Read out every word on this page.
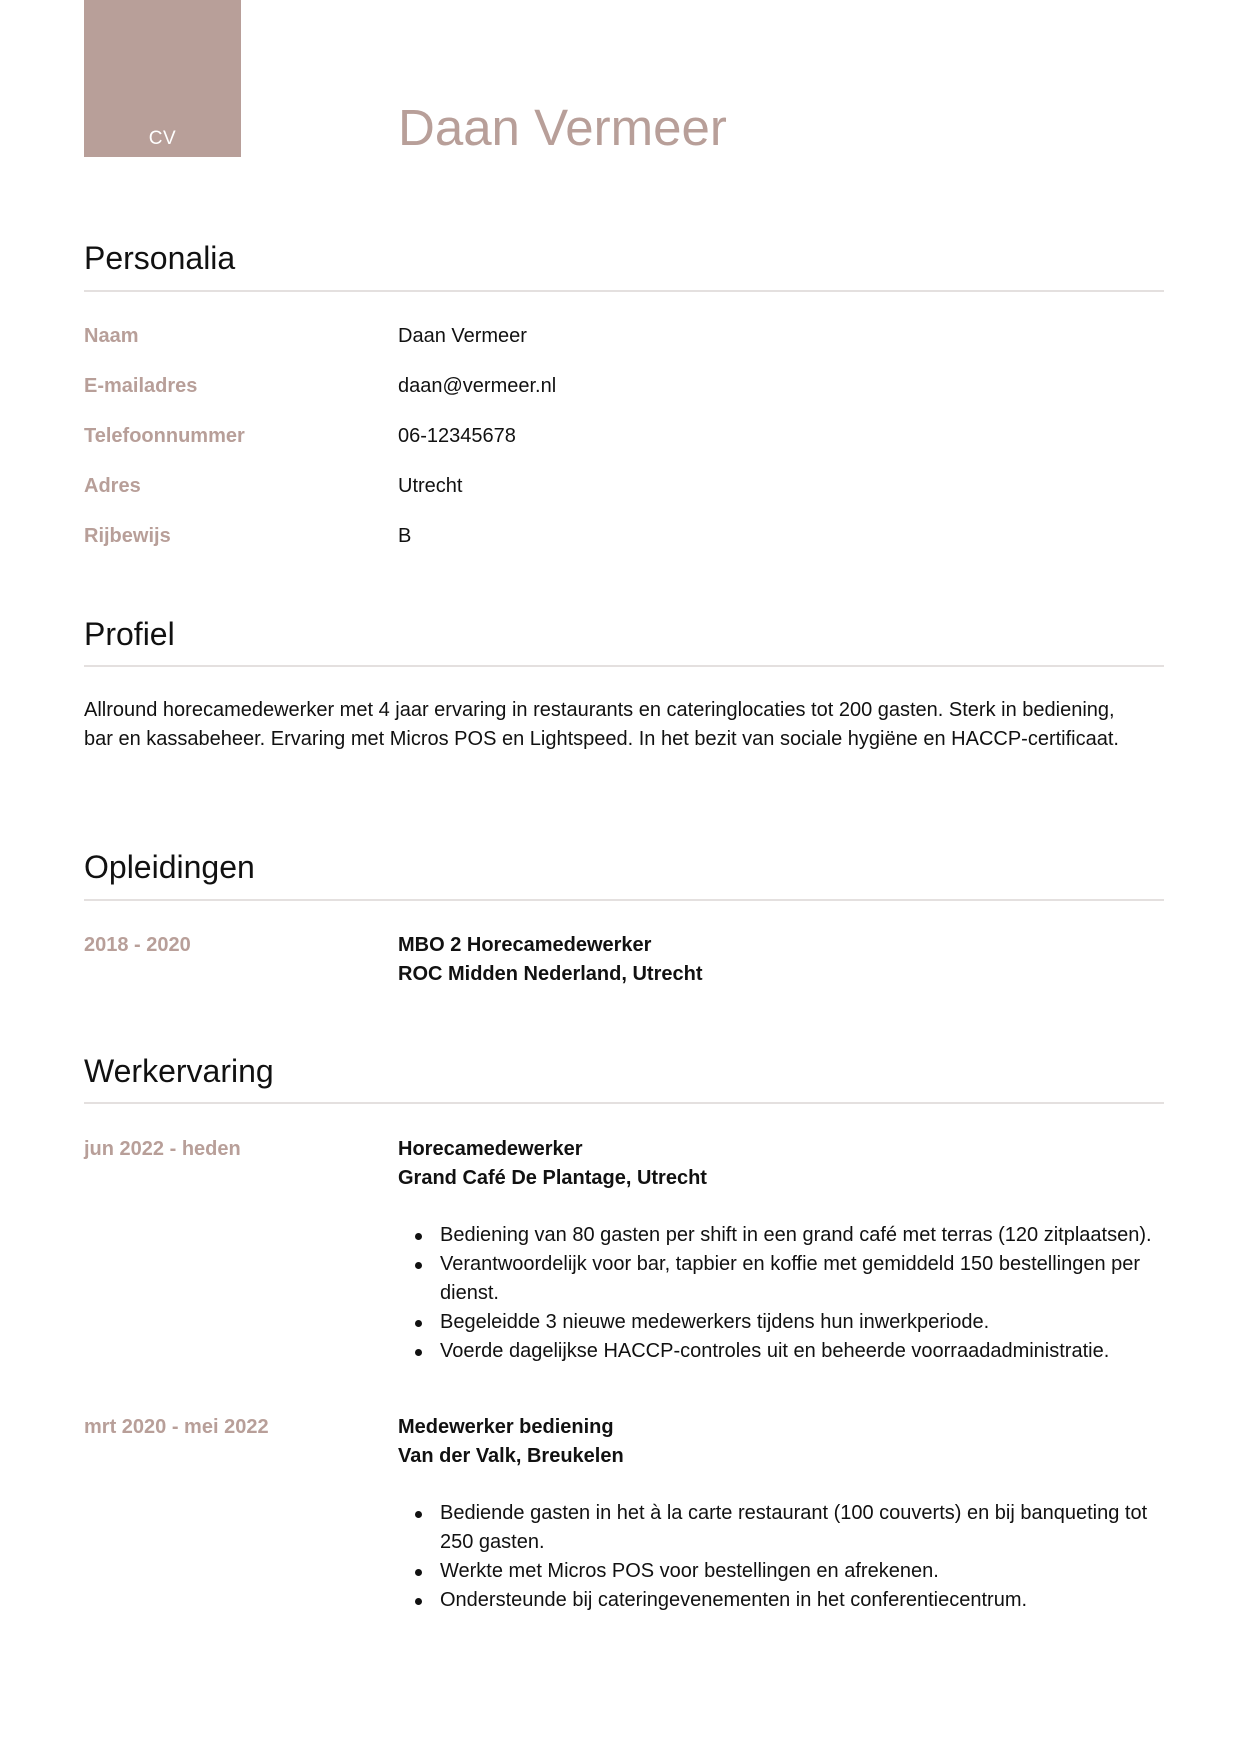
CV	Daan Vermeer
Personalia
Naam	Daan Vermeer
E-mailadres	daan@vermeer.nl
Telefoonnummer	06-12345678
Adres	Utrecht
Rijbewijs	B
Profiel

Allround horecamedewerker met 4 jaar ervaring in restaurants en cateringlocaties tot 200 gasten. Sterk in bediening, bar en kassabeheer. Ervaring met Micros POS en Lightspeed. In het bezit van sociale hygiëne en HACCP-certificaat.

Opleidingen
2018 - 2020	MBO 2 Horecamedewerker
ROC Midden Nederland, Utrecht
Werkervaring
jun 2022 - heden	Horecamedewerker
Grand Café De Plantage, Utrecht
Bediening van 80 gasten per shift in een grand café met terras (120 zitplaatsen).
Verantwoordelijk voor bar, tapbier en koffie met gemiddeld 150 bestellingen per dienst.
Begeleidde 3 nieuwe medewerkers tijdens hun inwerkperiode.
Voerde dagelijkse HACCP-controles uit en beheerde voorraadadministratie.
mrt 2020 - mei 2022	Medewerker bediening
Van der Valk, Breukelen
Bediende gasten in het à la carte restaurant (100 couverts) en bij banqueting tot 250 gasten.
Werkte met Micros POS voor bestellingen en afrekenen.
Ondersteunde bij cateringevenementen in het conferentiecentrum.
